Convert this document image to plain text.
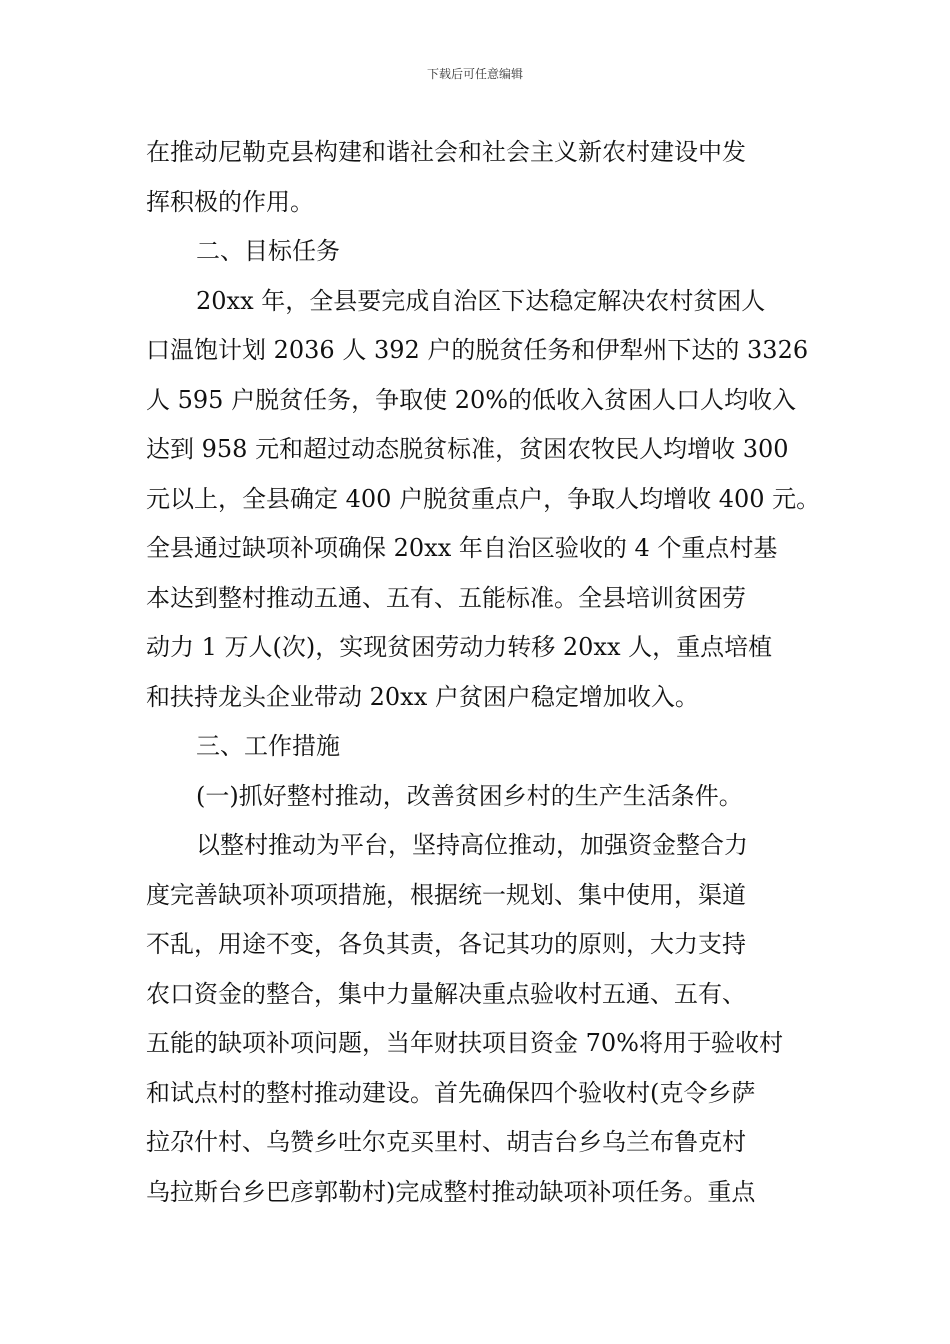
下载后可任意编辑
在推动尼勒克县构建和谐社会和社会主义新农村建设中发
挥积极的作用。
二、目标任务
20xx 年，全县要完成自治区下达稳定解决农村贫困人
口温饱计划 2036 人 392 户的脱贫任务和伊犁州下达的 3326
人 595 户脱贫任务，争取使 20%的低收入贫困人口人均收入
达到 958 元和超过动态脱贫标准，贫困农牧民人均增收 300
元以上，全县确定 400 户脱贫重点户，争取人均增收 400 元。
全县通过缺项补项确保 20xx 年自治区验收的 4 个重点村基
本达到整村推动五通、五有、五能标准。全县培训贫困劳
动力 1 万人(次)，实现贫困劳动力转移 20xx 人，重点培植
和扶持龙头企业带动 20xx 户贫困户稳定增加收入。
三、工作措施
(一)抓好整村推动，改善贫困乡村的生产生活条件。
以整村推动为平台，坚持高位推动，加强资金整合力
度完善缺项补项项措施，根据统一规划、集中使用，渠道
不乱，用途不变，各负其责，各记其功的原则，大力支持
农口资金的整合，集中力量解决重点验收村五通、五有、
五能的缺项补项问题，当年财扶项目资金 70%将用于验收村
和试点村的整村推动建设。首先确保四个验收村(克令乡萨
拉尕什村、乌赞乡吐尔克买里村、胡吉台乡乌兰布鲁克村
乌拉斯台乡巴彦郭勒村)完成整村推动缺项补项任务。重点
